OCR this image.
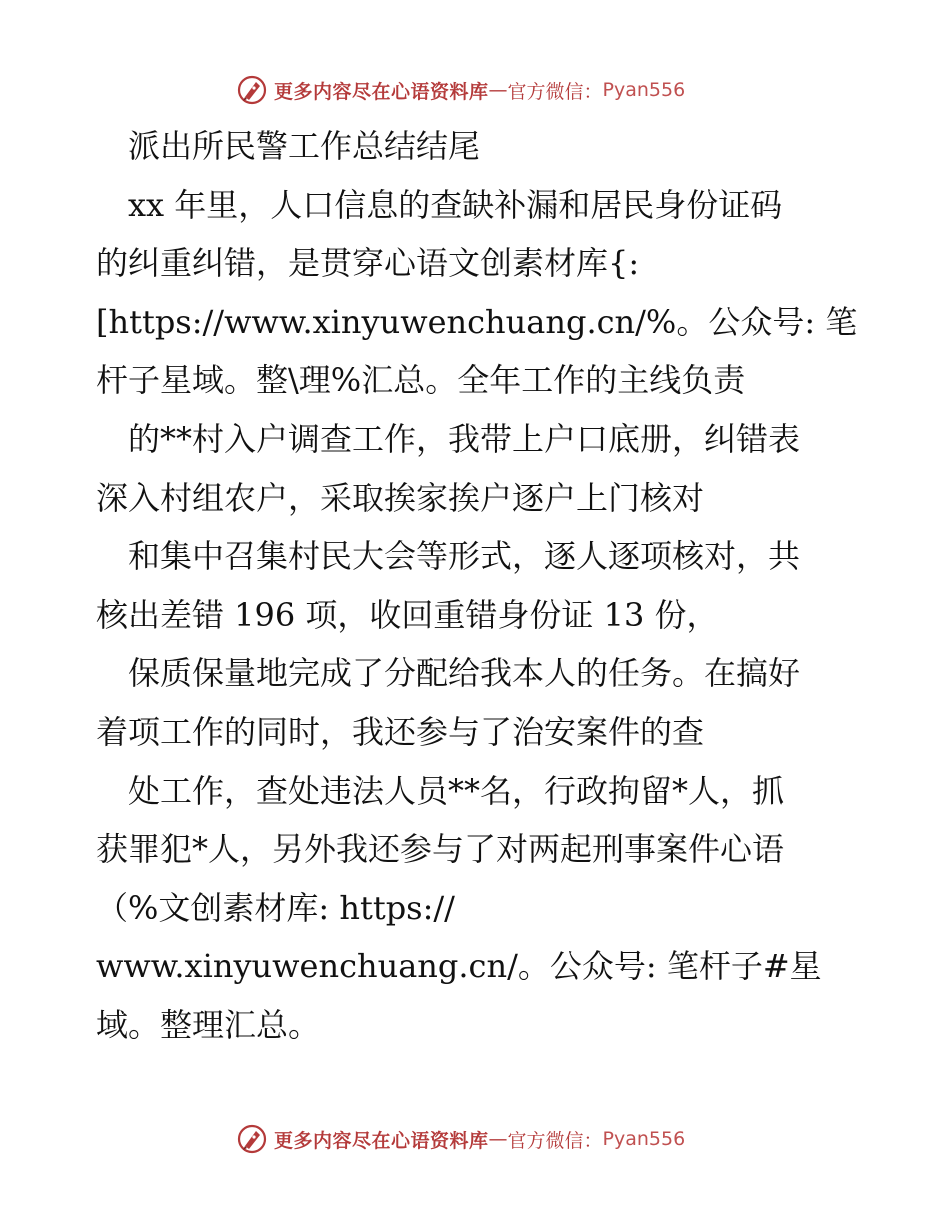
更多内容尽在心语资料库 — 官方微信： Pyan556
　派出所民警工作总结结尾
　xx 年里，人口信息的查缺补漏和居民身份证码
的纠重纠错，是贯穿心语文创素材库{:
[https://www.xinyuwenchuang.cn/%。公众号: 笔
杆子星域。整\理%汇总。全年工作的主线负责
　的**村入户调查工作，我带上户口底册，纠错表
深入村组农户，采取挨家挨户逐户上门核对
　和集中召集村民大会等形式，逐人逐项核对，共
核出差错 196 项，收回重错身份证 13 份，
　保质保量地完成了分配给我本人的任务。在搞好
着项工作的同时，我还参与了治安案件的查
　处工作，查处违法人员**名，行政拘留*人，抓
获罪犯*人，另外我还参与了对两起刑事案件心语
（%文创素材库: https://
www.xinyuwenchuang.cn/。公众号: 笔杆子#星
域。整理汇总。
更多内容尽在心语资料库 — 官方微信： Pyan556
